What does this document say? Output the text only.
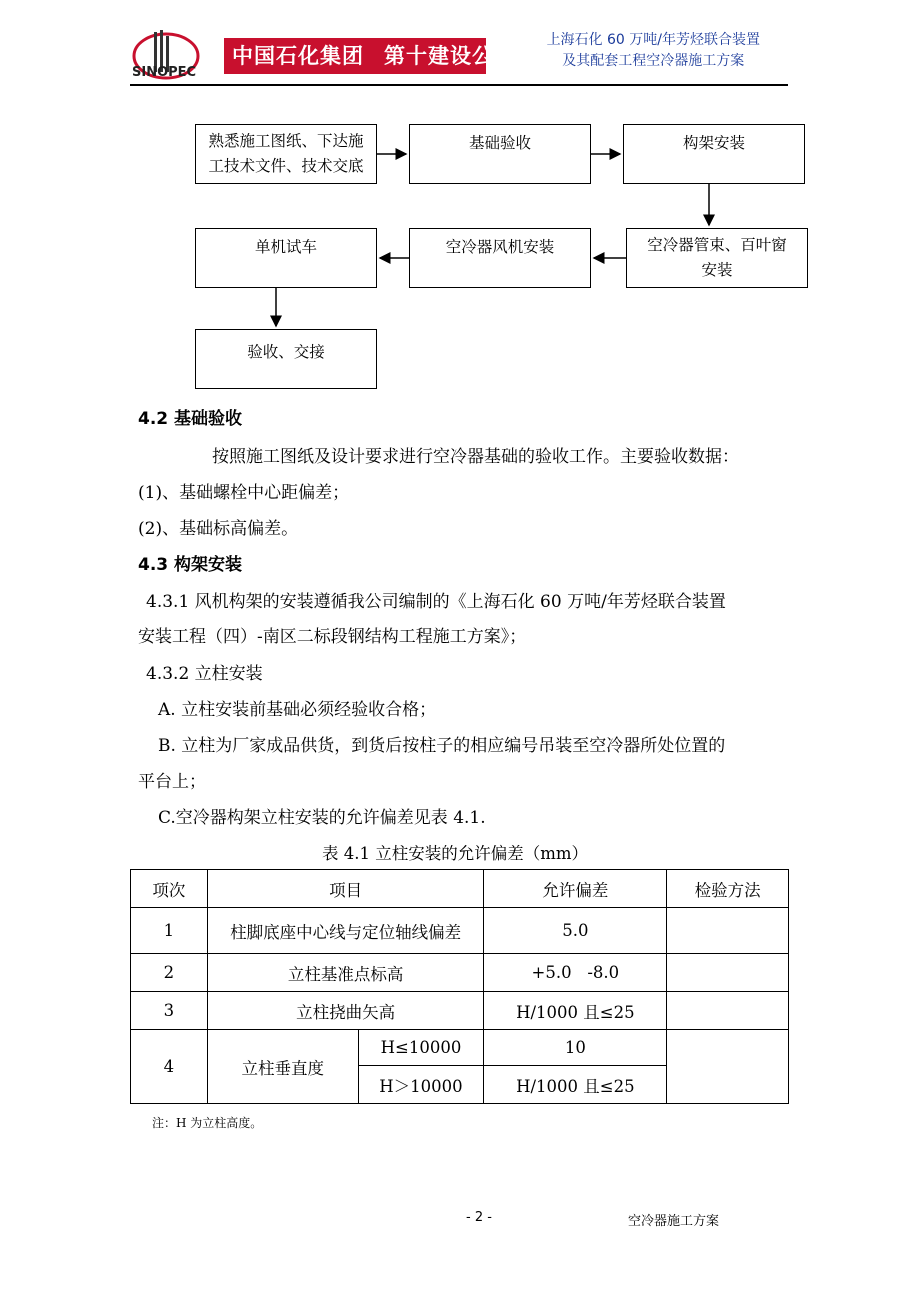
SINOPEC
中国石化集团 第十建设公司
上海石化 60 万吨/年芳烃联合装置
及其配套工程空冷器施工方案
熟悉施工图纸、下达施工技术文件、技术交底
基础验收	构架安装
空冷器管束、百叶窗安装
空冷器风机安装
单机试车
验收、交接
4.2 基础验收
按照施工图纸及设计要求进行空冷器基础的验收工作。主要验收数据：
(1)、基础螺栓中心距偏差；
(2)、基础标高偏差。
4.3 构架安装
4.3.1 风机构架的安装遵循我公司编制的《上海石化 60 万吨/年芳烃联合装置
安装工程（四）-南区二标段钢结构工程施工方案》；
4.3.2 立柱安装
A. 立柱安装前基础必须经验收合格；
B. 立柱为厂家成品供货，到货后按柱子的相应编号吊装至空冷器所处位置的
平台上；
C.空冷器构架立柱安装的允许偏差见表 4.1.
表 4.1 立柱安装的允许偏差（mm）
项次	项目		允许偏差	检验方法
1	柱脚底座中心线与定位轴线偏差		5.0	
2	立柱基准点标高		+5.0   -8.0	
3	立柱挠曲矢高		H/1000 且≤25	
4	立柱垂直度	H≤10000	10	
		H＞10000	H/1000 且≤25	
注：H 为立柱高度。
- 2 -	空冷器施工方案
